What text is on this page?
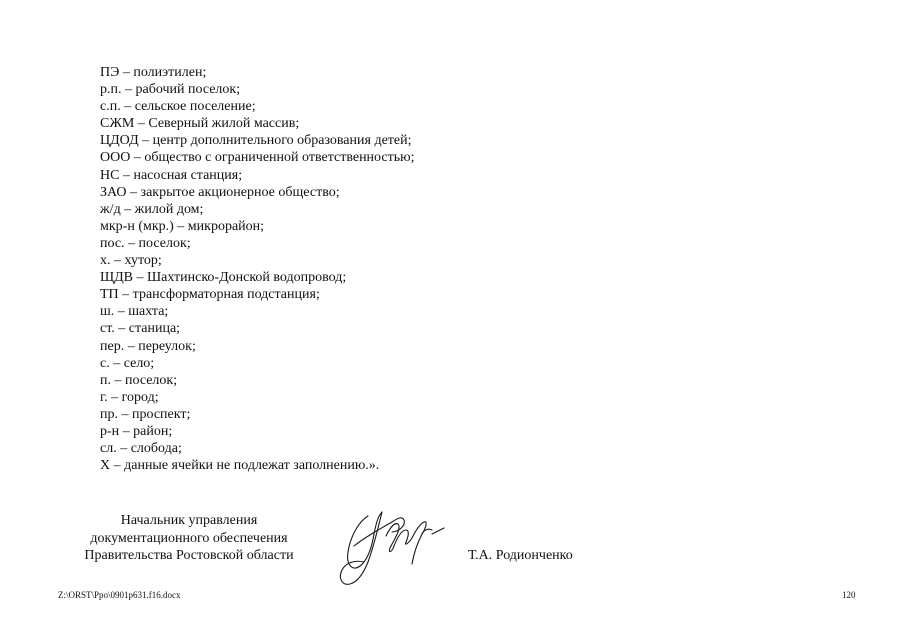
ПЭ – полиэтилен;
р.п. – рабочий поселок;
с.п. – сельское поселение;
СЖМ – Северный жилой массив;
ЦДОД – центр дополнительного образования детей;
ООО – общество с ограниченной ответственностью;
НС – насосная станция;
ЗАО – закрытое акционерное общество;
ж/д – жилой дом;
мкр-н (мкр.) – микрорайон;
пос. – поселок;
х. – хутор;
ЩДВ – Шахтинско-Донской водопровод;
ТП – трансформаторная подстанция;
ш. – шахта;
ст. – станица;
пер. – переулок;
с. – село;
п. – поселок;
г. – город;
пр. – проспект;
р-н – район;
сл. – слобода;
Х – данные ячейки не подлежат заполнению.».
Начальник управления
документационного обеспечения
Правительства Ростовской области	Т.А. Родионченко
Z:\ORST\Ppo\0901p631.f16.docx	120
